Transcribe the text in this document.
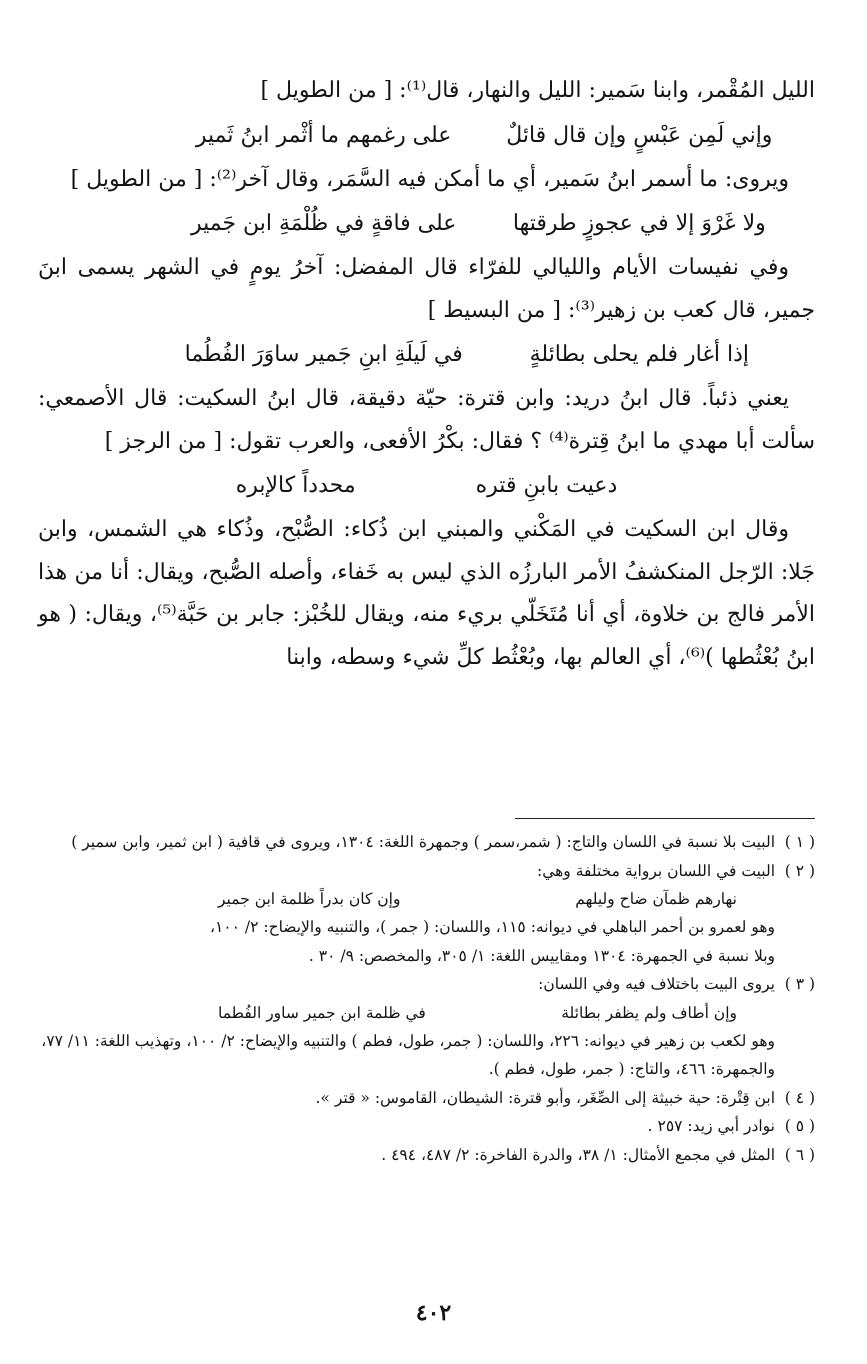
الليل المُقْمر، وابنا سَمير: الليل والنهار، قال⁽¹⁾: [ من الطويل ]

وإني لَمِن عَبْسٍ وإن قال قائلٌ
على رغمهم ما أثْمر ابنُ ثَمير

ويروى: ما أسمر ابنُ سَمير، أي ما أمكن فيه السَّمَر، وقال آخر⁽²⁾: [ من الطويل ]

ولا غَرْوَ إلا في عجوزٍ طرقتها
على فاقةٍ في ظُلْمَةِ ابن جَمير

وفي نفيسات الأيام والليالي للفرّاء قال المفضل: آخرُ يومٍ في الشهر يسمى ابنَ جمير، قال كعب بن زهير⁽³⁾: [ من البسيط ]

إذا أغار فلم يحلى بطائلةٍ
في لَيلَةِ ابنِ جَمير ساوَرَ الفُطُما

يعني ذئباً. قال ابنُ دريد: وابن قترة: حيّة دقيقة، قال ابنُ السكيت: قال الأصمعي: سألت أبا مهدي ما ابنُ قِترة⁽⁴⁾ ؟ فقال: بكْرُ الأفعى، والعرب تقول: [ من الرجز ]

دعيت بابنِ قتره
محدداً كالإبره

وقال ابن السكيت في المَكْني والمبني ابن ذُكاء: الصُّبْح، وذُكاء هي الشمس، وابن جَلا: الرّجل المنكشفُ الأمر البارزُه الذي ليس به خَفاء، وأصله الصُّبح، ويقال: أنا من هذا الأمر فالج بن خلاوة، أي أنا مُتَخَلّي بريء منه، ويقال للخُبْز: جابر بن حَبَّة⁽⁵⁾، ويقال: ( هو ابنُ بُعْثُطها )⁽⁶⁾، أي العالم بها، وبُعْثُط كلِّ شيء وسطه، وابنا

( ١ )
البيت بلا نسبة في اللسان والتاج: ( شمر،سمر ) وجمهرة اللغة: ١٣٠٤، ويروى في قافية ( ابن ثمير، وابن سمير )
( ٢ )
البيت في اللسان برواية مختلفة وهي:
نهارهم ظمآن ضاح وليلهم
وإن كان بدراً ظلمة ابن جمير
وهو لعمرو بن أحمر الباهلي في ديوانه: ١١٥، واللسان: ( جمر )، والتنبيه والإيضاح: ٢/ ١٠٠،
وبلا نسبة في الجمهرة: ١٣٠٤ ومقاييس اللغة: ١/ ٣٠٥، والمخصص: ٩/ ٣٠ .
( ٣ )
يروى البيت باختلاف فيه وفي اللسان:
وإن أطاف ولم يظفر بطائلة
في ظلمة ابن جمير ساور الفُطما
وهو لكعب بن زهير في ديوانه: ٢٢٦، واللسان: ( جمر، طول، فطم ) والتنبيه والإيضاح: ٢/ ١٠٠، وتهذيب اللغة: ١١/ ٧٧، والجمهرة: ٤٦٦، والتاج: ( جمر، طول، فطم ).
( ٤ )
ابن قِتْرة: حية خبيثة إلى الصِّغَر، وأبو قترة: الشيطان، القاموس: « قتر ».
( ٥ )
نوادر أبي زيد: ٢٥٧ .
( ٦ )
المثل في مجمع الأمثال: ١/ ٣٨، والدرة الفاخرة: ٢/ ٤٨٧، ٤٩٤ .
٤٠٢
